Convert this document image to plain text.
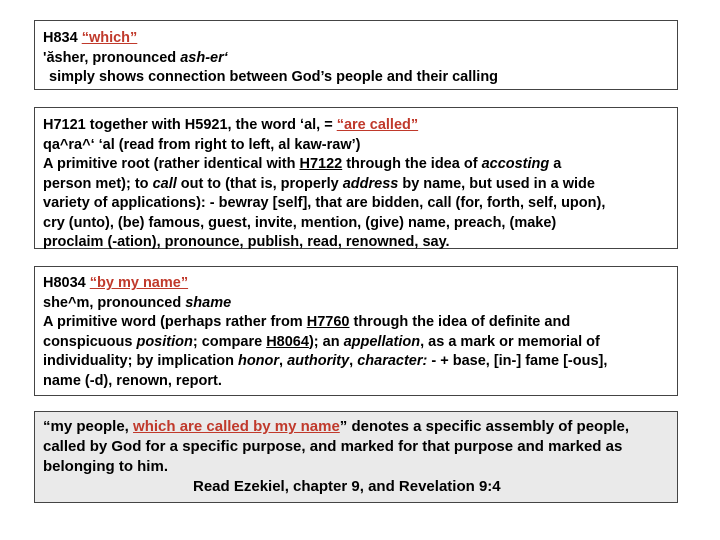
H834 “which”
'ăsher, pronounced ash-er‘
simply shows connection between God’s people and their calling
H7121 together with H5921, the word ʻal, = “are called”
qa^ra^‘ ‘al (read from right to left, al kaw-raw’)
A primitive root (rather identical with H7122 through the idea of accosting a
person met); to call out to (that is, properly address by name, but used in a wide
variety of applications): - bewray [self], that are bidden, call (for, forth, self, upon),
cry (unto), (be) famous, guest, invite, mention, (give) name, preach, (make)
proclaim (-ation), pronounce, publish, read, renowned, say.
H8034 “by my name”
she^m, pronounced shame
A primitive word (perhaps rather from H7760 through the idea of definite and
conspicuous position; compare H8064); an appellation, as a mark or memorial of
individuality; by implication honor, authority, character: - + base, [in-] fame [-ous],
name (-d), renown, report.
“my people, which are called by my name” denotes a specific assembly of people,
called by God for a specific purpose, and marked for that purpose and marked as
belonging to him.
Read Ezekiel, chapter 9, and Revelation 9:4
